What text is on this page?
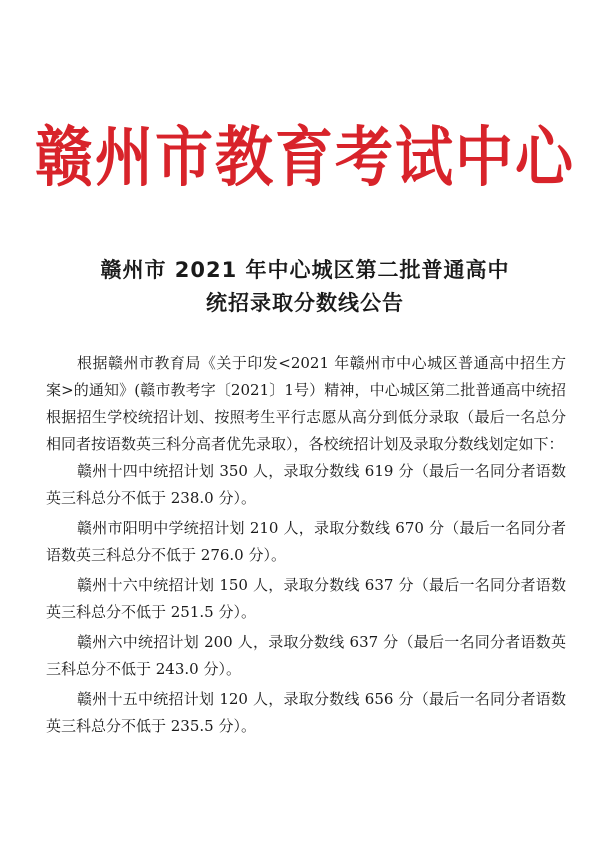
赣州市教育考试中心
赣州市 2021 年中心城区第二批普通高中
统招录取分数线公告

根据赣州市教育局《关于印发<2021 年赣州市中心城区普通高中招生方案>的通知》(赣市教考字〔2021〕1号）精神，中心城区第二批普通高中统招根据招生学校统招计划、按照考生平行志愿从高分到低分录取（最后一名总分相同者按语数英三科分高者优先录取），各校统招计划及录取分数线划定如下：

赣州十四中统招计划 350 人，录取分数线 619 分（最后一名同分者语数英三科总分不低于 238.0 分）。

赣州市阳明中学统招计划 210 人，录取分数线 670 分（最后一名同分者语数英三科总分不低于 276.0 分）。

赣州十六中统招计划 150 人，录取分数线 637 分（最后一名同分者语数英三科总分不低于 251.5 分）。

赣州六中统招计划 200 人，录取分数线 637 分（最后一名同分者语数英三科总分不低于 243.0 分）。

赣州十五中统招计划 120 人，录取分数线 656 分（最后一名同分者语数英三科总分不低于 235.5 分）。
